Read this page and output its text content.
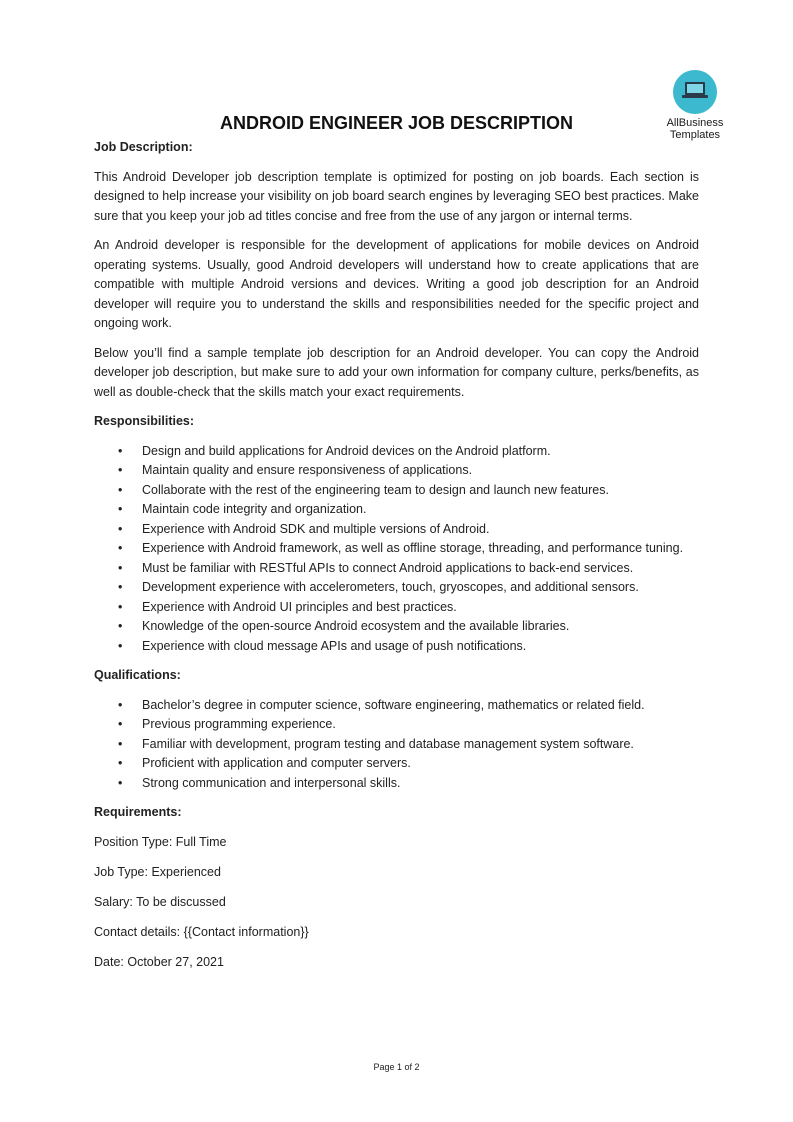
AllBusiness
Templates
ANDROID ENGINEER JOB DESCRIPTION

Job Description:

This Android Developer job description template is optimized for posting on job boards. Each section is designed to help increase your visibility on job board search engines by leveraging SEO best practices. Make sure that you keep your job ad titles concise and free from the use of any jargon or internal terms.

An Android developer is responsible for the development of applications for mobile devices on Android operating systems. Usually, good Android developers will understand how to create applications that are compatible with multiple Android versions and devices. Writing a good job description for an Android developer will require you to understand the skills and responsibilities needed for the specific project and ongoing work.

Below you’ll find a sample template job description for an Android developer. You can copy the Android developer job description, but make sure to add your own information for company culture, perks/benefits, as well as double-check that the skills match your exact requirements.

Responsibilities:

• Design and build applications for Android devices on the Android platform.
• Maintain quality and ensure responsiveness of applications.
• Collaborate with the rest of the engineering team to design and launch new features.
• Maintain code integrity and organization.
• Experience with Android SDK and multiple versions of Android.
• Experience with Android framework, as well as offline storage, threading, and performance tuning.
• Must be familiar with RESTful APIs to connect Android applications to back-end services.
• Development experience with accelerometers, touch, gryoscopes, and additional sensors.
• Experience with Android UI principles and best practices.
• Knowledge of the open-source Android ecosystem and the available libraries.
• Experience with cloud message APIs and usage of push notifications.

Qualifications:

• Bachelor’s degree in computer science, software engineering, mathematics or related field.
• Previous programming experience.
• Familiar with development, program testing and database management system software.
• Proficient with application and computer servers.
• Strong communication and interpersonal skills.

Requirements:

Position Type: Full Time

Job Type: Experienced

Salary: To be discussed

Contact details: {{Contact information}}

Date: October 27, 2021

Page 1 of 2
